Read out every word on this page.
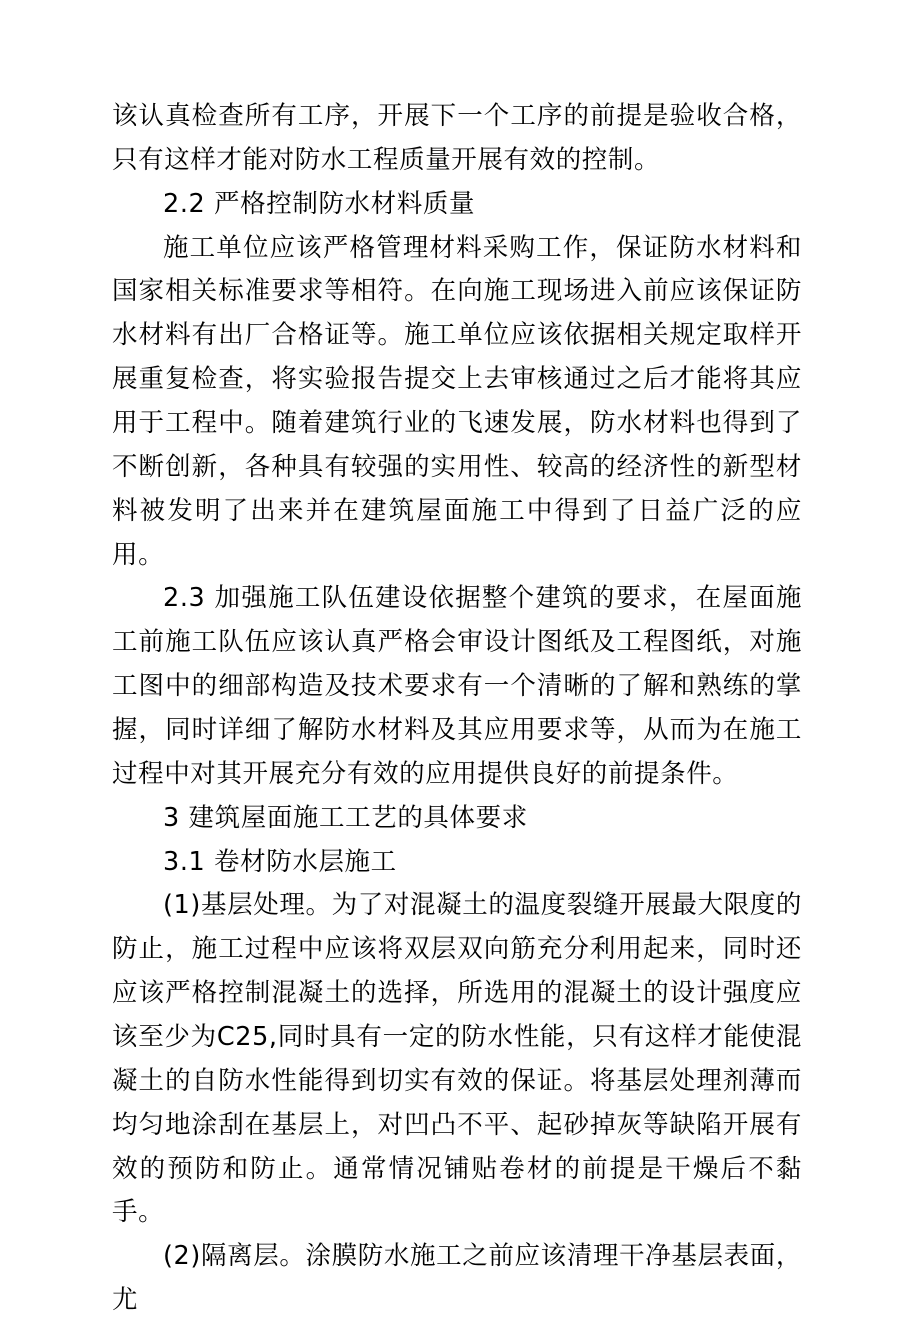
该认真检查所有工序，开展下一个工序的前提是验收合格，只有这样才能对防水工程质量开展有效的控制。

2.2 严格控制防水材料质量

施工单位应该严格管理材料采购工作，保证防水材料和国家相关标准要求等相符。在向施工现场进入前应该保证防水材料有出厂合格证等。施工单位应该依据相关规定取样开展重复检查，将实验报告提交上去审核通过之后才能将其应用于工程中。随着建筑行业的飞速发展，防水材料也得到了不断创新，各种具有较强的实用性、较高的经济性的新型材料被发明了出来并在建筑屋面施工中得到了日益广泛的应用。

2.3 加强施工队伍建设依据整个建筑的要求，在屋面施工前施工队伍应该认真严格会审设计图纸及工程图纸，对施工图中的细部构造及技术要求有一个清晰的了解和熟练的掌握，同时详细了解防水材料及其应用要求等，从而为在施工过程中对其开展充分有效的应用提供良好的前提条件。

3 建筑屋面施工工艺的具体要求

3.1 卷材防水层施工

(1)基层处理。为了对混凝土的温度裂缝开展最大限度的防止，施工过程中应该将双层双向筋充分利用起来，同时还应该严格控制混凝土的选择，所选用的混凝土的设计强度应该至少为C25,同时具有一定的防水性能，只有这样才能使混凝土的自防水性能得到切实有效的保证。将基层处理剂薄而均匀地涂刮在基层上，对凹凸不平、起砂掉灰等缺陷开展有效的预防和防止。通常情况铺贴卷材的前提是干燥后不黏手。

(2)隔离层。涂膜防水施工之前应该清理干净基层表面，尤
